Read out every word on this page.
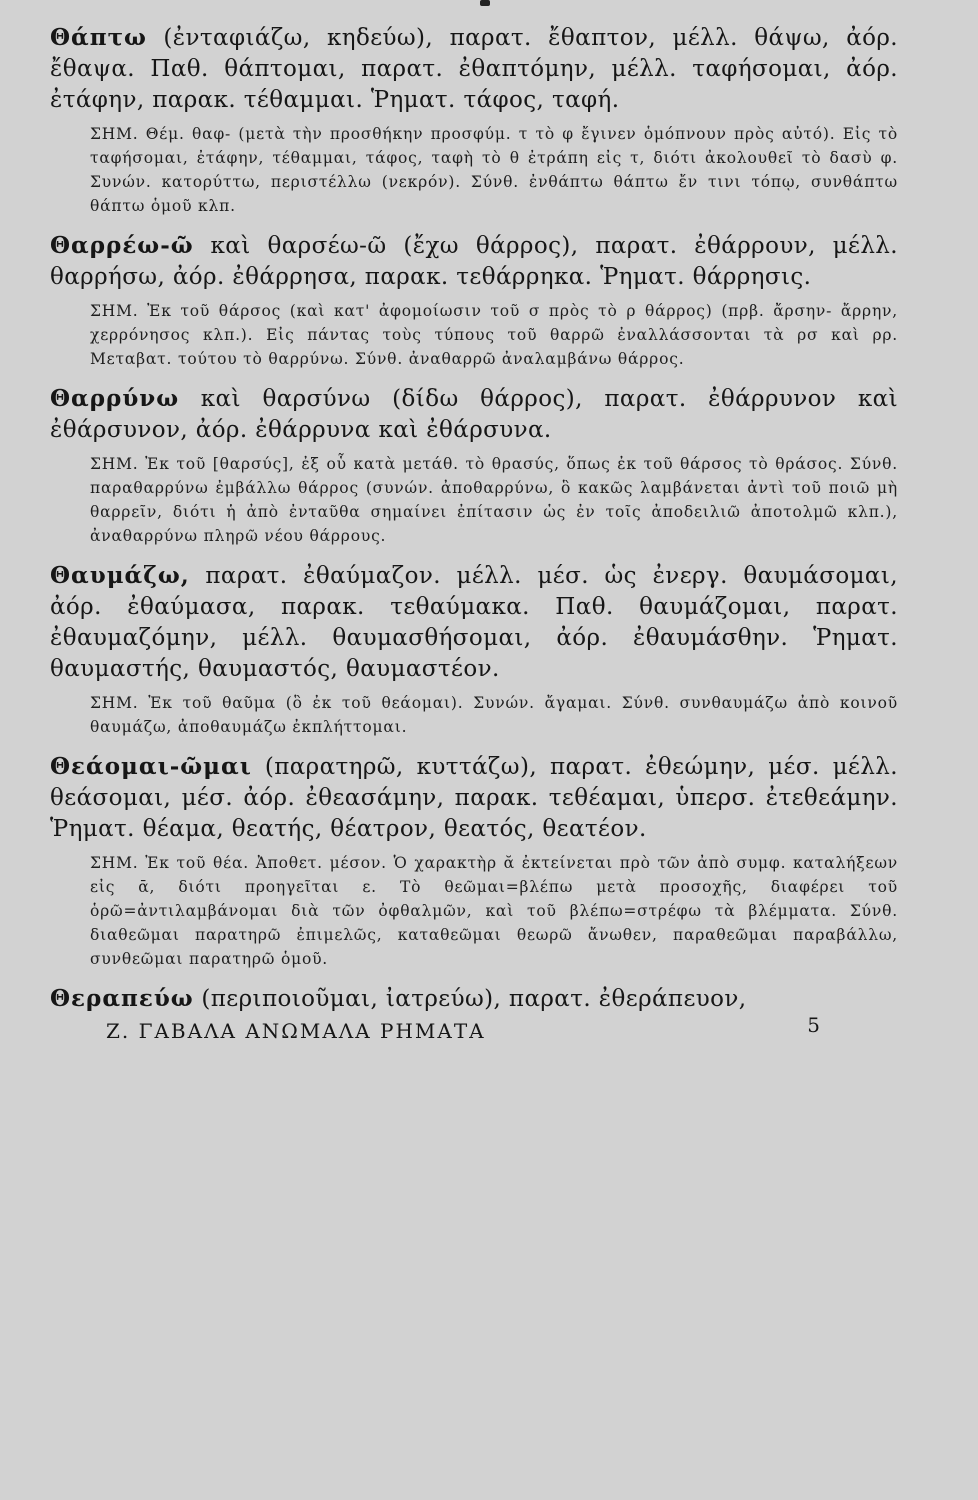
Θάπτω (ἐνταφιάζω, κηδεύω), παρατ. ἔθαπτον, μέλλ. θάψω, ἀόρ. ἔθαψα. Παθ. θάπτομαι, παρατ. ἐθαπτόμην, μέλλ. ταφήσομαι, ἀόρ. ἐτάφην, παρακ. τέθαμμαι. Ῥηματ. τάφος, ταφή.

ΣΗΜ. Θέμ. θαφ- (μετὰ τὴν προσθήκην προσφύμ. τ τὸ φ ἔγινεν ὁμόπνουν πρὸς αὐτό). Εἰς τὸ ταφήσομαι, ἐτάφην, τέθαμμαι, τάφος, ταφὴ τὸ θ ἐτράπη εἰς τ, διότι ἀκολουθεῖ τὸ δασὺ φ. Συνών. κατορύττω, περιστέλλω (νεκρόν). Σύνθ. ἐνθάπτω θάπτω ἔν τινι τόπῳ, συνθάπτω θάπτω ὁμοῦ κλπ.

Θαρρέω-ῶ καὶ θαρσέω-ῶ (ἔχω θάρρος), παρατ. ἐθάρρουν, μέλλ. θαρρήσω, ἀόρ. ἐθάρρησα, παρακ. τεθάρρηκα. Ῥηματ. θάρρησις.

ΣΗΜ. Ἐκ τοῦ θάρσος (καὶ κατ' ἀφομοίωσιν τοῦ σ πρὸς τὸ ρ θάρρος) (πρβ. ἄρσην- ἄρρην, χερρόνησος κλπ.). Εἰς πάντας τοὺς τύπους τοῦ θαρρῶ ἐναλλάσσονται τὰ ρσ καὶ ρρ. Μεταβατ. τούτου τὸ θαρρύνω. Σύνθ. ἀναθαρρῶ ἀναλαμβάνω θάρρος.

Θαρρύνω καὶ θαρσύνω (δίδω θάρρος), παρατ. ἐθάρρυνον καὶ ἐθάρσυνον, ἀόρ. ἐθάρρυνα καὶ ἐθάρσυνα.

ΣΗΜ. Ἐκ τοῦ [θαρσύς], ἐξ οὗ κατὰ μετάθ. τὸ θρασύς, ὅπως ἐκ τοῦ θάρσος τὸ θράσος. Σύνθ. παραθαρρύνω ἐμβάλλω θάρρος (συνών. ἀποθαρρύνω, ὃ κακῶς λαμβάνεται ἀντὶ τοῦ ποιῶ μὴ θαρρεῖν, διότι ἡ ἀπὸ ἐνταῦθα σημαίνει ἐπίτασιν ὡς ἐν τοῖς ἀποδειλιῶ ἀποτολμῶ κλπ.), ἀναθαρρύνω πληρῶ νέου θάρρους.

Θαυμάζω, παρατ. ἐθαύμαζον. μέλλ. μέσ. ὡς ἐνεργ. θαυμάσομαι, ἀόρ. ἐθαύμασα, παρακ. τεθαύμακα. Παθ. θαυμάζομαι, παρατ. ἐθαυμαζόμην, μέλλ. θαυμασθήσομαι, ἀόρ. ἐθαυμάσθην. Ῥηματ. θαυμαστής, θαυμαστός, θαυμαστέον.

ΣΗΜ. Ἐκ τοῦ θαῦμα (ὃ ἐκ τοῦ θεάομαι). Συνών. ἄγαμαι. Σύνθ. συνθαυμάζω ἀπὸ κοινοῦ θαυμάζω, ἀποθαυμάζω ἐκπλήττομαι.

Θεάομαι-ῶμαι (παρατηρῶ, κυττάζω), παρατ. ἐθεώμην, μέσ. μέλλ. θεάσομαι, μέσ. ἀόρ. ἐθεασάμην, παρακ. τεθέαμαι, ὑπερσ. ἐτεθεάμην. Ῥηματ. θέαμα, θεατής, θέατρον, θεατός, θεατέον.

ΣΗΜ. Ἐκ τοῦ θέα. Ἀποθετ. μέσον. Ὁ χαρακτὴρ ᾰ ἐκτείνεται πρὸ τῶν ἀπὸ συμφ. καταλήξεων εἰς ᾱ, διότι προηγεῖται ε. Τὸ θεῶμαι=βλέπω μετὰ προσοχῆς, διαφέρει τοῦ ὁρῶ=ἀντιλαμβάνομαι διὰ τῶν ὀφθαλμῶν, καὶ τοῦ βλέπω=στρέφω τὰ βλέμματα. Σύνθ. διαθεῶμαι παρατηρῶ ἐπιμελῶς, καταθεῶμαι θεωρῶ ἄνωθεν, παραθεῶμαι παραβάλλω, συνθεῶμαι παρατηρῶ ὁμοῦ.

Θεραπεύω (περιποιοῦμαι, ἰατρεύω), παρατ. ἐθεράπευον,

Ζ. ΓΑΒΑΛΑ ΑΝΩΜΑΛΑ ΡΗΜΑΤΑ	5
